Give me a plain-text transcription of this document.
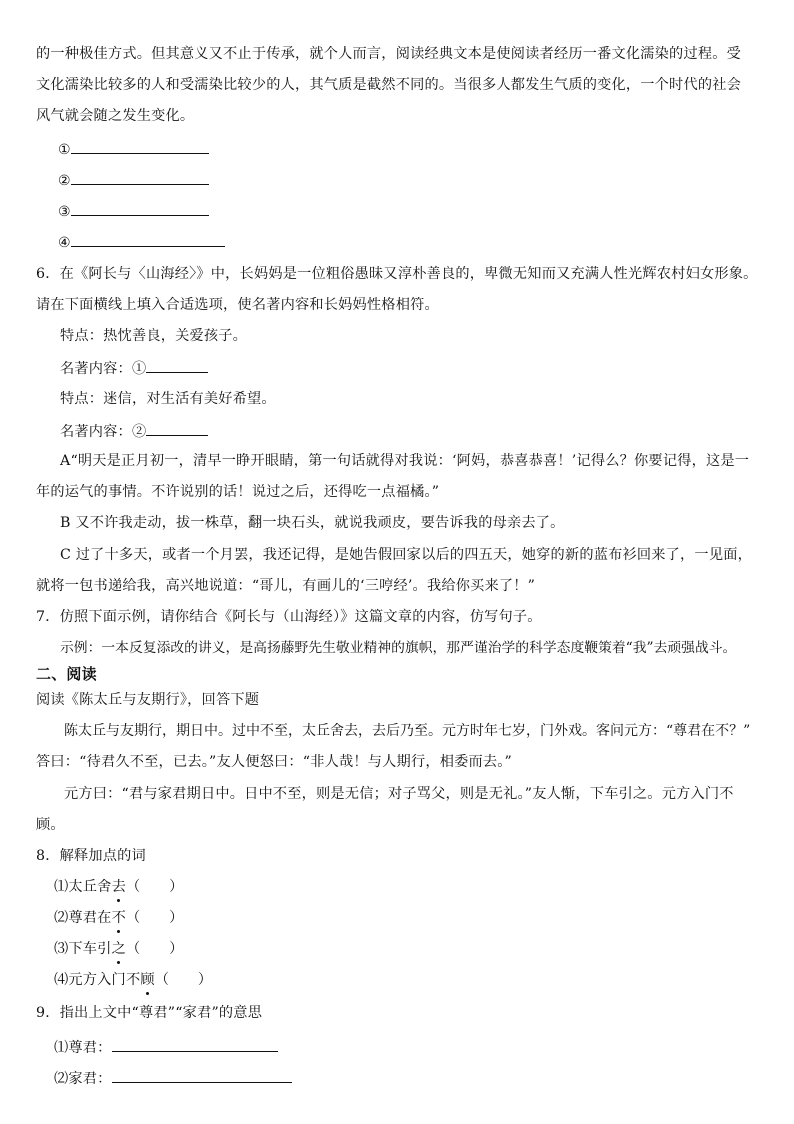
的一种极佳方式。但其意义又不止于传承，就个人而言，阅读经典文本是使阅读者经历一番文化濡染的过程。受
文化濡染比较多的人和受濡染比较少的人，其气质是截然不同的。当很多人都发生气质的变化，一个时代的社会
风气就会随之发生变化。
①
②
③
④
6．在《阿长与〈山海经〉》中，长妈妈是一位粗俗愚昧又淳朴善良的，卑微无知而又充满人性光辉农村妇女形象。
请在下面横线上填入合适选项，使名著内容和长妈妈性格相符。
特点：热忱善良，关爱孩子。
名著内容：①
特点：迷信，对生活有美好希望。
名著内容：②
A“明天是正月初一，清早一睁开眼睛，第一句话就得对我说：‘阿妈，恭喜恭喜！’记得么？你要记得，这是一
年的运气的事情。不许说别的话！说过之后，还得吃一点福橘。”
B 又不许我走动，拔一株草，翻一块石头，就说我顽皮，要告诉我的母亲去了。
C 过了十多天，或者一个月罢，我还记得，是她告假回家以后的四五天，她穿的新的蓝布衫回来了，一见面，
就将一包书递给我，高兴地说道：“哥儿，有画儿的‘三哼经’。我给你买来了！”
7．仿照下面示例，请你结合《阿长与（山海经）》这篇文章的内容，仿写句子。
示例：一本反复添改的讲义，是高扬藤野先生敬业精神的旗帜，那严谨治学的科学态度鞭策着“我”去顽强战斗。
二、阅读
阅读《陈太丘与友期行》，回答下题
陈太丘与友期行，期日中。过中不至，太丘舍去，去后乃至。元方时年七岁，门外戏。客问元方：“尊君在不？”
答曰：“待君久不至，已去。”友人便怒曰：“非人哉！与人期行，相委而去。”
元方曰：“君与家君期日中。日中不至，则是无信；对子骂父，则是无礼。”友人惭，下车引之。元方入门不
顾。
8．解释加点的词
⑴太丘舍去（　　）
⑵尊君在不（　　）
⑶下车引之（　　）
⑷元方入门不顾（　　）
9．指出上文中“尊君”“家君”的意思
⑴尊君：
⑵家君：
